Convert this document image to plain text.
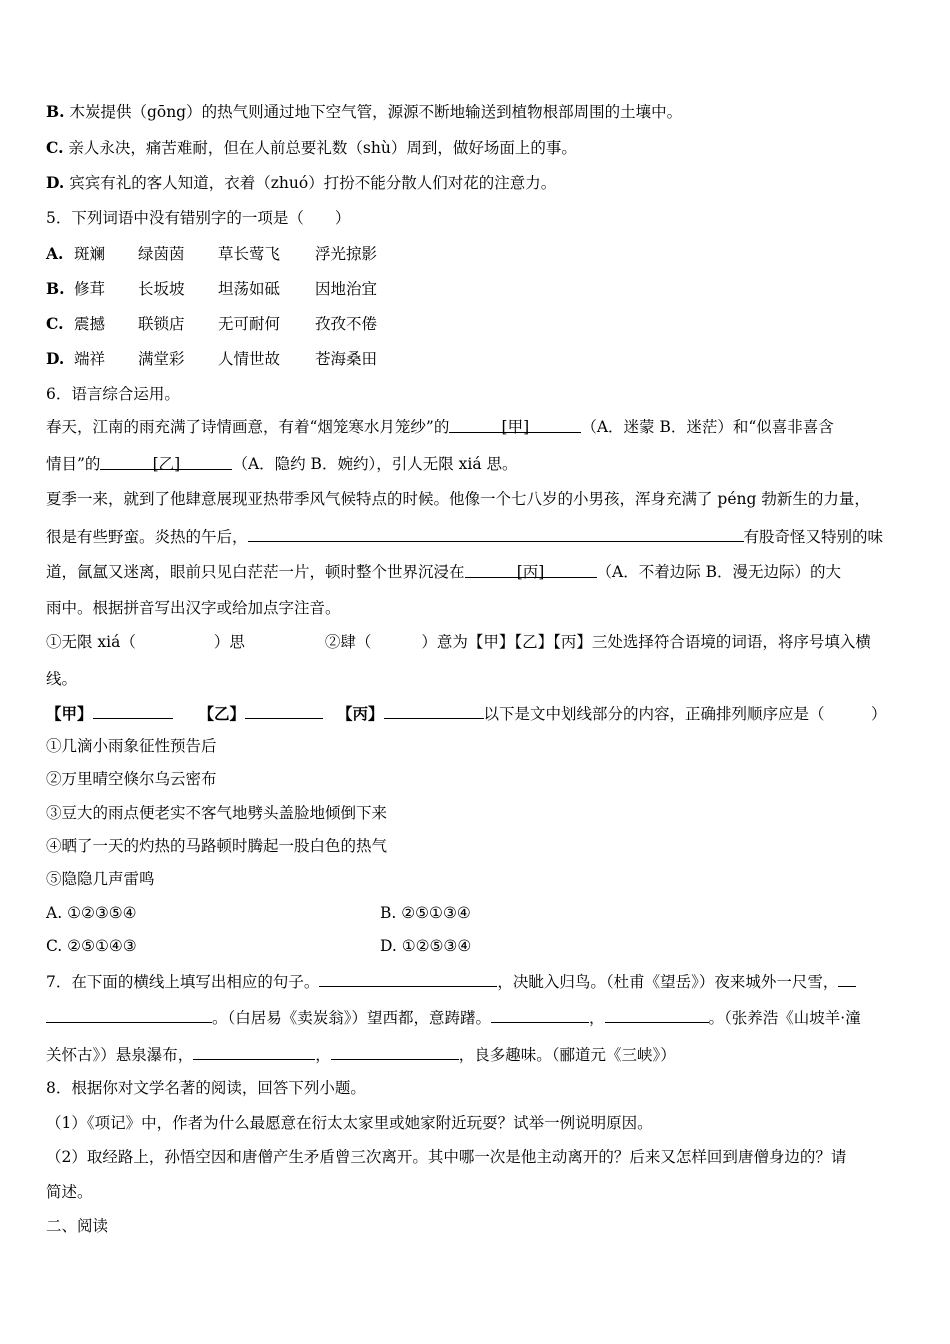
B. 木炭提供（gōng）的热气则通过地下空气管，源源不断地输送到植物根部周围的土壤中。
C. 亲人永决，痛苦难耐，但在人前总要礼数（shù）周到，做好场面上的事。
D. 宾宾有礼的客人知道，衣着（zhuó）打扮不能分散人们对花的注意力。
5．下列词语中没有错别字的一项是（　　）
A. 斑斓 绿茵茵 草长莺飞 浮光掠影
B. 修茸 长坂坡 坦荡如砥 因地治宜
C. 震撼 联锁店 无可耐何 孜孜不倦
D. 端祥 满堂彩 人情世故 苍海桑田
6．语言综合运用。
春天，江南的雨充满了诗情画意，有着“烟笼寒水月笼纱”的	[甲]	（A．迷蒙 B．迷茫）和“似喜非喜含
情目”的	[乙]	（A．隐约 B．婉约），引人无限 xiá 思。
夏季一来，就到了他肆意展现亚热带季风气候特点的时候。他像一个七八岁的小男孩，浑身充满了 péng 勃新生的力量，
很是有些野蛮。炎热的午后，	有股奇怪又特别的味
道，氤氲又迷离，眼前只见白茫茫一片，顿时整个世界沉浸在	[丙]	（A．不着边际 B．漫无边际）的大
雨中。根据拼音写出汉字或给加点字注音。
①无限 xiá（	）思	②肆（	）意为【甲】【乙】【丙】三处选择符合语境的词语，将序号填入横
线。
【甲】	【乙】	【丙】	以下是文中划线部分的内容，正确排列顺序应是（　　　）
①几滴小雨象征性预告后
②万里晴空倏尔乌云密布
③豆大的雨点便老实不客气地劈头盖脸地倾倒下来
④晒了一天的灼热的马路顿时腾起一股白色的热气
⑤隐隐几声雷鸣
A. ①②③⑤④	B. ②⑤①③④
C. ②⑤①④③	D. ①②⑤③④
7．在下面的横线上填写出相应的句子。	，决眦入归鸟。（杜甫《望岳》）夜来城外一尺雪，
。（白居易《卖炭翁》）望西都，意踌躇。	，	。（张养浩《山坡羊·潼
关怀古》）悬泉瀑布，	，	，良多趣味。（郦道元《三峡》）
8．根据你对文学名著的阅读，回答下列小题。
（1）《项记》中，作者为什么最愿意在衍太太家里或她家附近玩耍？试举一例说明原因。
（2）取经路上，孙悟空因和唐僧产生矛盾曾三次离开。其中哪一次是他主动离开的？后来又怎样回到唐僧身边的？请
简述。
二、阅读
